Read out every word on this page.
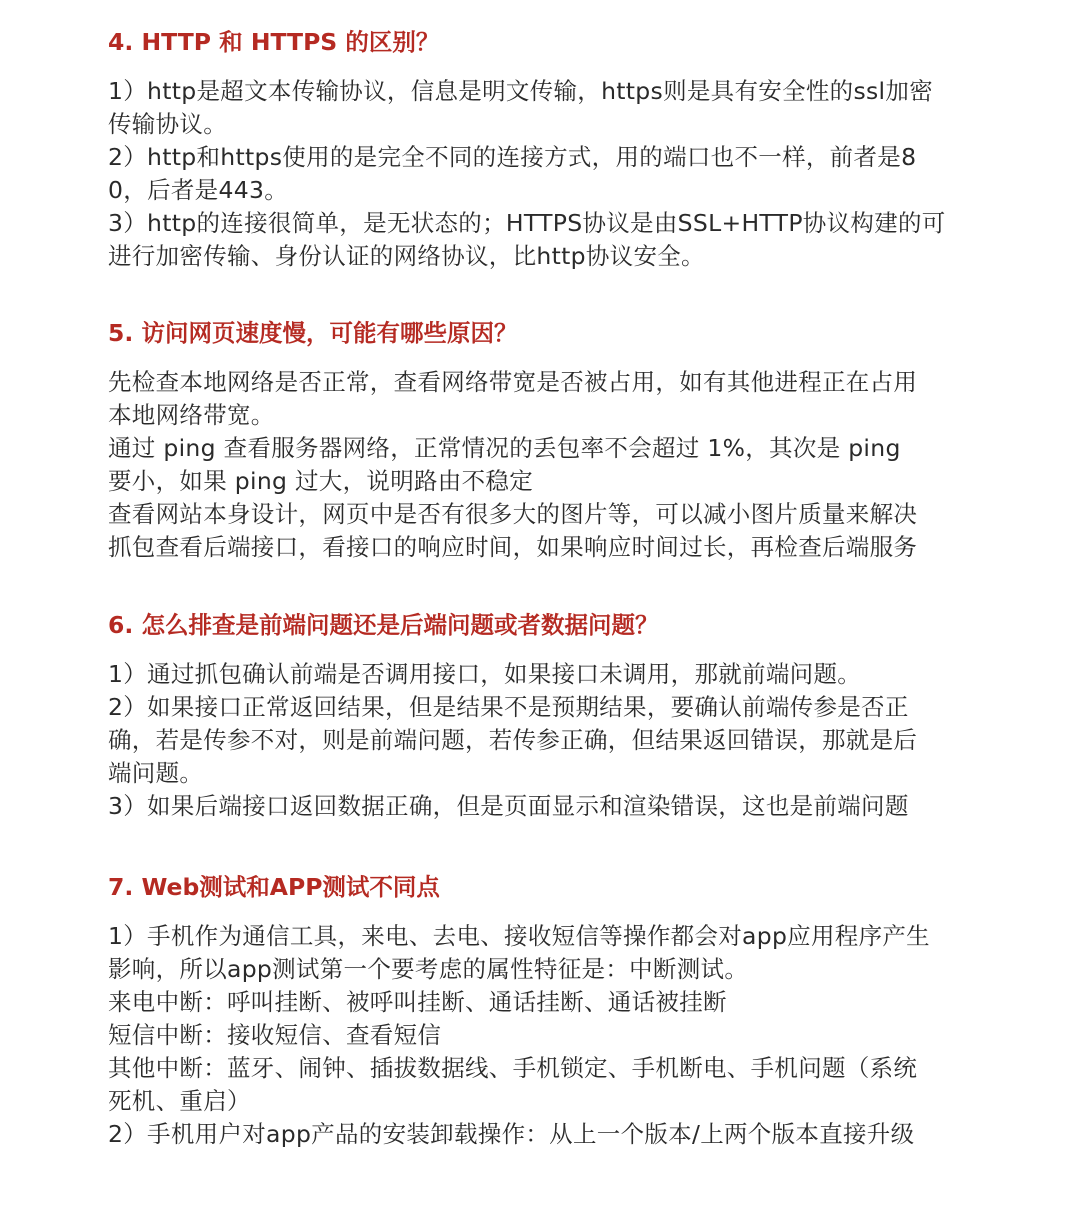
4. HTTP 和 HTTPS 的区别？

1）http是超文本传输协议，信息是明文传输，https则是具有安全性的ssl加密

传输协议。

2）http和https使用的是完全不同的连接方式，用的端口也不一样，前者是8

0，后者是443。

3）http的连接很简单，是无状态的；HTTPS协议是由SSL+HTTP协议构建的可

进行加密传输、身份认证的网络协议，比http协议安全。

5. 访问网页速度慢，可能有哪些原因？

先检查本地网络是否正常，查看网络带宽是否被占用，如有其他进程正在占用

本地网络带宽。

通过 ping 查看服务器网络，正常情况的丢包率不会超过 1%，其次是 ping

要小，如果 ping 过大，说明路由不稳定

查看网站本身设计，网页中是否有很多大的图片等，可以减小图片质量来解决

抓包查看后端接口，看接口的响应时间，如果响应时间过长，再检查后端服务

6. 怎么排查是前端问题还是后端问题或者数据问题？

1）通过抓包确认前端是否调用接口，如果接口未调用，那就前端问题。

2）如果接口正常返回结果，但是结果不是预期结果，要确认前端传参是否正

确，若是传参不对，则是前端问题，若传参正确，但结果返回错误，那就是后

端问题。

3）如果后端接口返回数据正确，但是页面显示和渲染错误，这也是前端问题

7. Web测试和APP测试不同点

1）手机作为通信工具，来电、去电、接收短信等操作都会对app应用程序产生

影响，所以app测试第一个要考虑的属性特征是：中断测试。

来电中断：呼叫挂断、被呼叫挂断、通话挂断、通话被挂断

短信中断：接收短信、查看短信

其他中断：蓝牙、闹钟、插拔数据线、手机锁定、手机断电、手机问题（系统

死机、重启）

2）手机用户对app产品的安装卸载操作：从上一个版本/上两个版本直接升级
